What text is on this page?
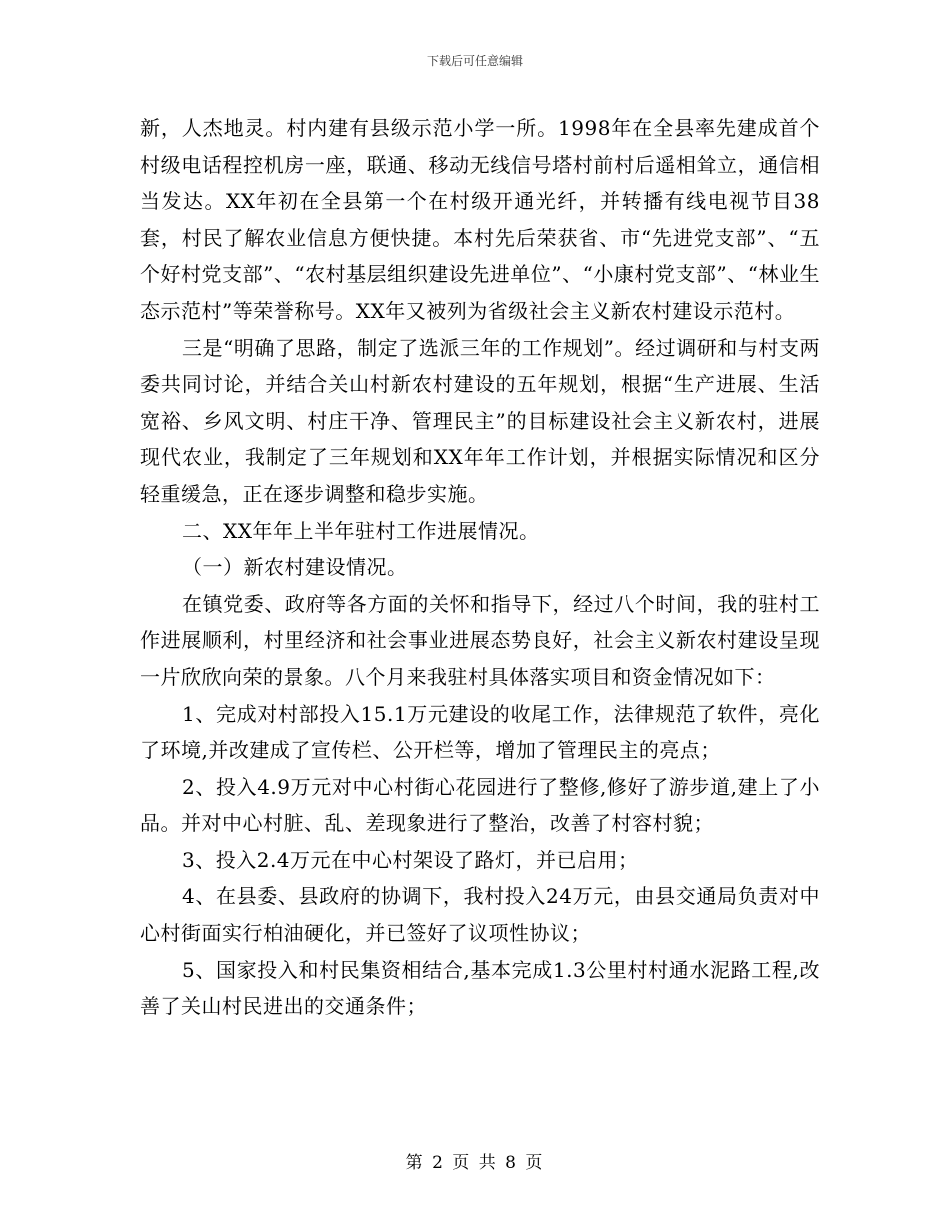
下载后可任意编辑

新，人杰地灵。村内建有县级示范小学一所。1998年在全县率先建成首个村级电话程控机房一座，联通、移动无线信号塔村前村后遥相耸立，通信相当发达。XX年初在全县第一个在村级开通光纤，并转播有线电视节目38套，村民了解农业信息方便快捷。本村先后荣获省、市“先进党支部”、“五个好村党支部”、“农村基层组织建设先进单位”、“小康村党支部”、“林业生态示范村”等荣誉称号。XX年又被列为省级社会主义新农村建设示范村。

三是“明确了思路，制定了选派三年的工作规划”。经过调研和与村支两委共同讨论，并结合关山村新农村建设的五年规划，根据“生产进展、生活宽裕、乡风文明、村庄干净、管理民主”的目标建设社会主义新农村，进展现代农业，我制定了三年规划和XX年年工作计划，并根据实际情况和区分轻重缓急，正在逐步调整和稳步实施。

二、XX年年上半年驻村工作进展情况。

（一）新农村建设情况。

在镇党委、政府等各方面的关怀和指导下，经过八个时间，我的驻村工作进展顺利，村里经济和社会事业进展态势良好，社会主义新农村建设呈现一片欣欣向荣的景象。八个月来我驻村具体落实项目和资金情况如下：

1、完成对村部投入15.1万元建设的收尾工作，法律规范了软件，亮化了环境,并改建成了宣传栏、公开栏等，增加了管理民主的亮点；

2、投入4.9万元对中心村街心花园进行了整修,修好了游步道,建上了小品。并对中心村脏、乱、差现象进行了整治，改善了村容村貌；

3、投入2.4万元在中心村架设了路灯，并已启用；

4、在县委、县政府的协调下，我村投入24万元，由县交通局负责对中心村街面实行柏油硬化，并已签好了议项性协议；

5、国家投入和村民集资相结合,基本完成1.3公里村村通水泥路工程,改善了关山村民进出的交通条件；

第 2 页 共 8 页
